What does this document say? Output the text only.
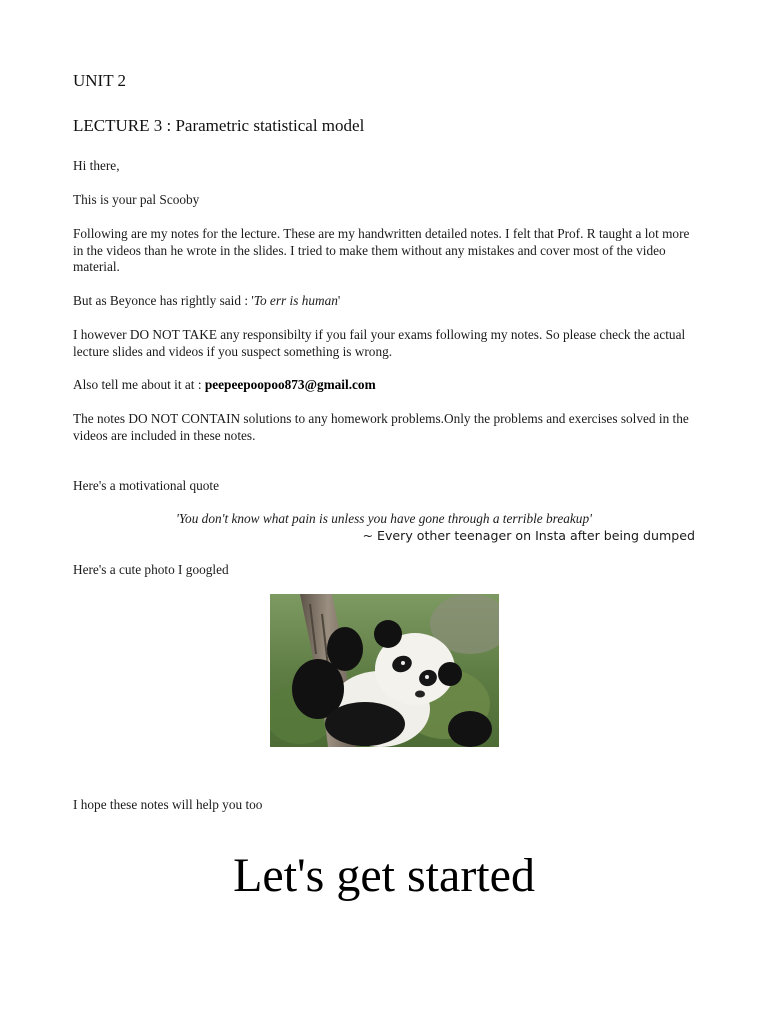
UNIT 2
LECTURE 3 : Parametric statistical model
Hi there,
This is your pal Scooby
Following are my notes for the lecture. These are my handwritten detailed notes. I felt that Prof. R taught a lot more in the videos than he wrote in the slides. I tried to make them without any mistakes and cover most of the video material.
But as Beyonce has rightly said : 'To err is human'
I however DO NOT TAKE any responsibilty if you fail your exams following my notes. So please check the actual lecture slides and videos if you suspect something is wrong.
Also tell me about it at : peepeepoopoo873@gmail.com
The notes DO NOT CONTAIN solutions to any homework problems.Only the problems and exercises solved in the videos are included in these notes.
Here's a motivational quote
'You don't know what pain is unless you have gone through a terrible breakup'
~ Every other teenager on Insta after being dumped
Here's a cute photo I googled
I hope these notes will help you too
Let's get started
